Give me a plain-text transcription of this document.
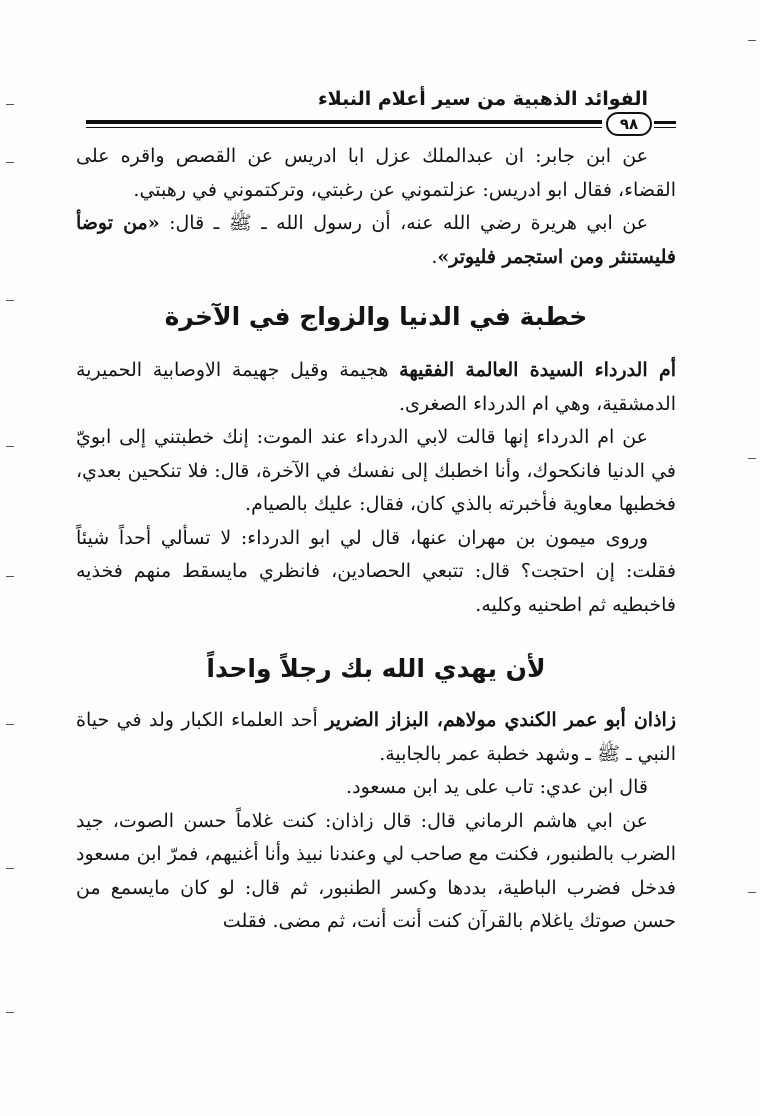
الفوائد الذهبية من سير أعلام النبلاء
٩٨

عن ابن جابر: ان عبدالملك عزل ابا ادريس عن القصص واقره على القضاء، فقال ابو ادريس: عزلتموني عن رغبتي، وتركتموني في رهبتي.

عن ابي هريرة رضي الله عنه، أن رسول الله ـ ﷺ ـ قال: «من توضأ فليستنثر ومن استجمر فليوتر».

خطبة في الدنيا والزواج في الآخرة

أم الدرداء السيدة العالمة الفقيهة هجيمة وقيل جهيمة الاوصابية الحميرية الدمشقية، وهي ام الدرداء الصغرى.

عن ام الدرداء إنها قالت لابي الدرداء عند الموت: إنك خطبتني إلى ابويّ في الدنيا فانكحوك، وأنا اخطبك إلى نفسك في الآخرة، قال: فلا تنكحين بعدي، فخطبها معاوية فأخبرته بالذي كان، فقال: عليك بالصيام.

وروى ميمون بن مهران عنها، قال لي ابو الدرداء: لا تسألي أحداً شيئاً فقلت: إن احتجت؟ قال: تتبعي الحصادين، فانظري مايسقط منهم فخذيه فاخبطيه ثم اطحنيه وكليه.

لأن يهدي الله بك رجلاً واحداً

زاذان أبو عمر الكندي مولاهم، البزاز الضرير أحد العلماء الكبار ولد في حياة النبي ـ ﷺ ـ وشهد خطبة عمر بالجابية.

قال ابن عدي: تاب على يد ابن مسعود.

عن ابي هاشم الرماني قال: قال زاذان: كنت غلاماً حسن الصوت، جيد الضرب بالطنبور، فكنت مع صاحب لي وعندنا نبيذ وأنا أغنيهم، فمرّ ابن مسعود فدخل فضرب الباطية، بددها وكسر الطنبور، ثم قال: لو كان مايسمع من حسن صوتك ياغلام بالقرآن كنت أنت أنت، ثم مضى. فقلت
